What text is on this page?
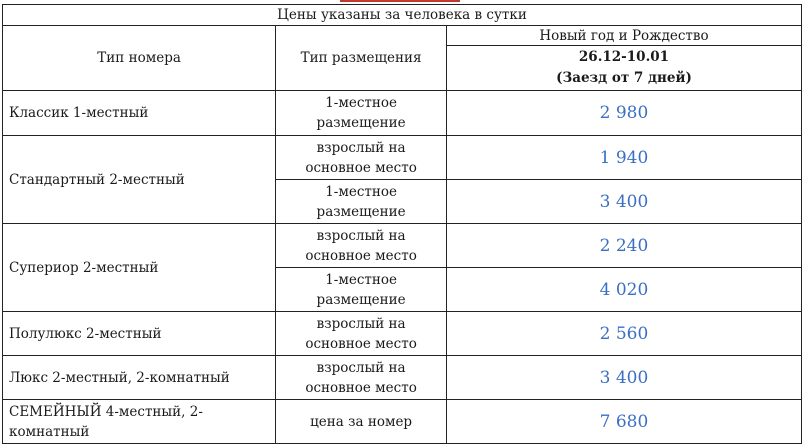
Цены указаны за человека в сутки		
Тип номера	Тип размещения	Новый год и Рождество

		26.12-10.01
(Заезд от 7 дней)

Классик 1-местный	1-местное размещение	2 980
Стандартный 2-местный	взрослый на основное место	1 940
	1-местное размещение	3 400
Супериор 2-местный	взрослый на основное место	2 240
	1-местное размещение	4 020
Полулюкс 2-местный	взрослый на основное место	2 560
Люкс 2-местный, 2-комнатный	взрослый на основное место	3 400
СЕМЕЙНЫЙ 4-местный, 2-комнатный	цена за номер	7 680
